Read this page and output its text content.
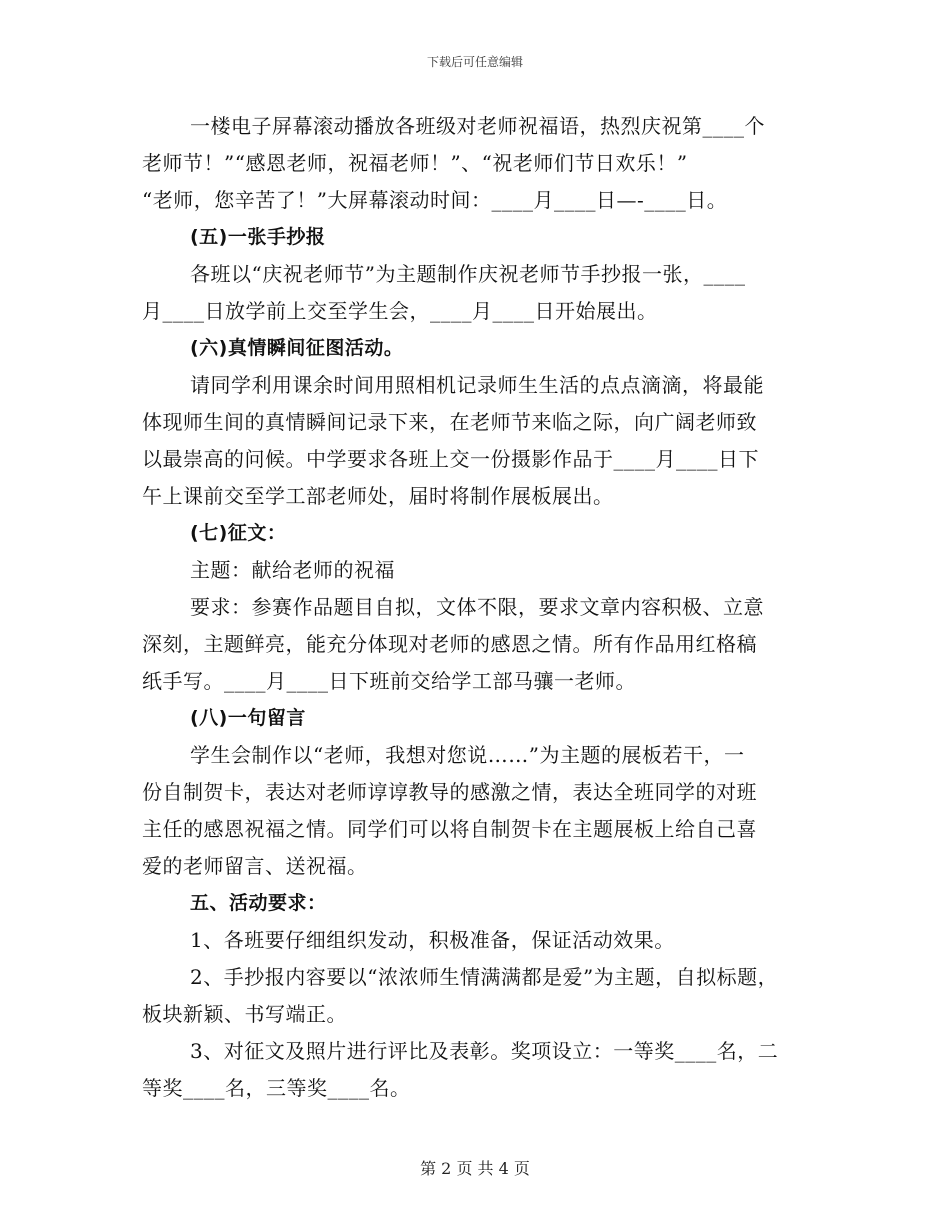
下载后可任意编辑

一楼电子屏幕滚动播放各班级对老师祝福语，热烈庆祝第____个

老师节！”“感恩老师，祝福老师！”、“祝老师们节日欢乐！”

“老师，您辛苦了！”大屏幕滚动时间：____月____日—-____日。

(五)一张手抄报

各班以“庆祝老师节”为主题制作庆祝老师节手抄报一张，____

月____日放学前上交至学生会，____月____日开始展出。

(六)真情瞬间征图活动。

请同学利用课余时间用照相机记录师生生活的点点滴滴，将最能

体现师生间的真情瞬间记录下来，在老师节来临之际，向广阔老师致

以最崇高的问候。中学要求各班上交一份摄影作品于____月____日下

午上课前交至学工部老师处，届时将制作展板展出。

(七)征文：

主题：献给老师的祝福

要求：参赛作品题目自拟，文体不限，要求文章内容积极、立意

深刻，主题鲜亮，能充分体现对老师的感恩之情。所有作品用红格稿

纸手写。____月____日下班前交给学工部马骧一老师。

(八)一句留言

学生会制作以“老师，我想对您说……”为主题的展板若干，一

份自制贺卡，表达对老师谆谆教导的感激之情，表达全班同学的对班

主任的感恩祝福之情。同学们可以将自制贺卡在主题展板上给自己喜

爱的老师留言、送祝福。

五、活动要求：

1、各班要仔细组织发动，积极准备，保证活动效果。

2、手抄报内容要以“浓浓师生情满满都是爱”为主题，自拟标题，

板块新颖、书写端正。

3、对征文及照片进行评比及表彰。奖项设立：一等奖____名，二

等奖____名，三等奖____名。

第 2 页 共 4 页
